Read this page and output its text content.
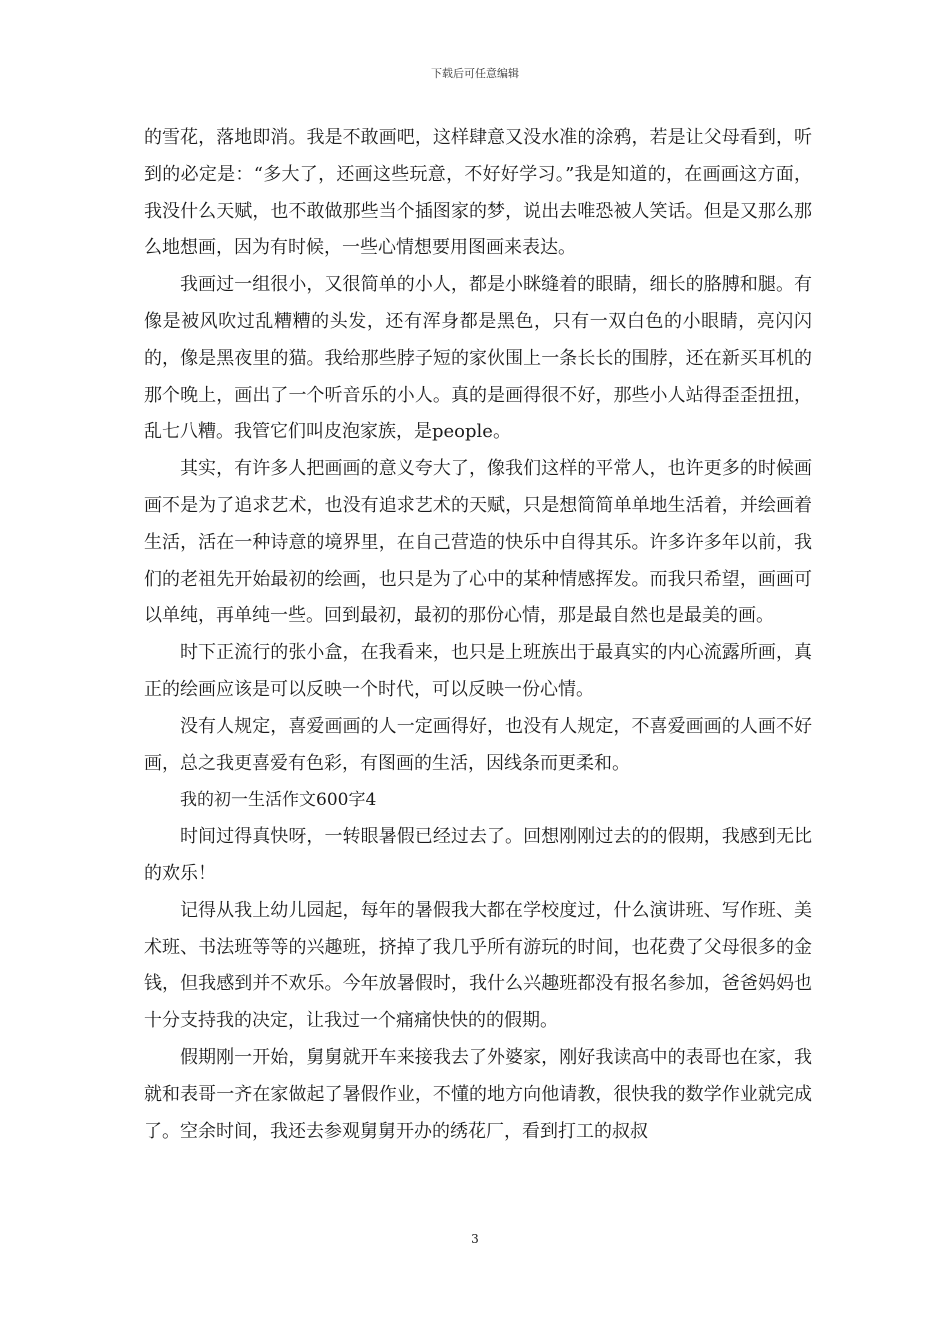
下载后可任意编辑

的雪花，落地即消。我是不敢画吧，这样肆意又没水准的涂鸦，若是让父母看到，听到的必定是：“多大了，还画这些玩意，不好好学习。”我是知道的，在画画这方面，我没什么天赋，也不敢做那些当个插图家的梦，说出去唯恐被人笑话。但是又那么那么地想画，因为有时候，一些心情想要用图画来表达。

我画过一组很小，又很简单的小人，都是小眯缝着的眼睛，细长的胳膊和腿。有像是被风吹过乱糟糟的头发，还有浑身都是黑色，只有一双白色的小眼睛，亮闪闪的，像是黑夜里的猫。我给那些脖子短的家伙围上一条长长的围脖，还在新买耳机的那个晚上，画出了一个听音乐的小人。真的是画得很不好，那些小人站得歪歪扭扭，乱七八糟。我管它们叫皮泡家族，是people。

其实，有许多人把画画的意义夸大了，像我们这样的平常人，也许更多的时候画画不是为了追求艺术，也没有追求艺术的天赋，只是想简简单单地生活着，并绘画着生活，活在一种诗意的境界里，在自己营造的快乐中自得其乐。许多许多年以前，我们的老祖先开始最初的绘画，也只是为了心中的某种情感挥发。而我只希望，画画可以单纯，再单纯一些。回到最初，最初的那份心情，那是最自然也是最美的画。

时下正流行的张小盒，在我看来，也只是上班族出于最真实的内心流露所画，真正的绘画应该是可以反映一个时代，可以反映一份心情。

没有人规定，喜爱画画的人一定画得好，也没有人规定，不喜爱画画的人画不好画，总之我更喜爱有色彩，有图画的生活，因线条而更柔和。

我的初一生活作文600字4

时间过得真快呀，一转眼暑假已经过去了。回想刚刚过去的的假期，我感到无比的欢乐！

记得从我上幼儿园起，每年的暑假我大都在学校度过，什么演讲班、写作班、美术班、书法班等等的兴趣班，挤掉了我几乎所有游玩的时间，也花费了父母很多的金钱，但我感到并不欢乐。今年放暑假时，我什么兴趣班都没有报名参加，爸爸妈妈也十分支持我的决定，让我过一个痛痛快快的的假期。

假期刚一开始，舅舅就开车来接我去了外婆家，刚好我读高中的表哥也在家，我就和表哥一齐在家做起了暑假作业，不懂的地方向他请教，很快我的数学作业就完成了。空余时间，我还去参观舅舅开办的绣花厂，看到打工的叔叔

3
